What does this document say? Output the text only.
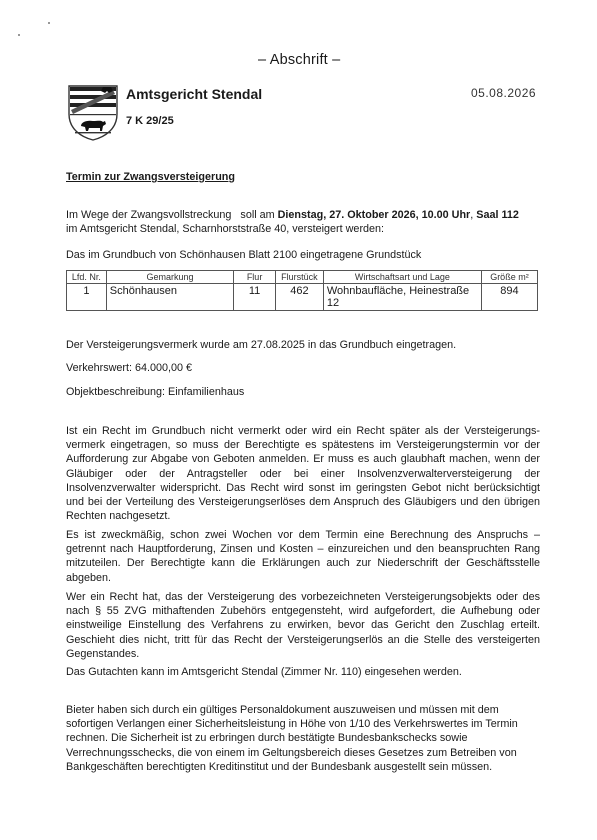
– Abschrift –
Amtsgericht Stendal
7 K 29/25
05.08.2026
Termin zur Zwangsversteigerung
Im Wege der Zwangsvollstreckung   soll am Dienstag, 27. Oktober 2026, 10.00 Uhr, Saal 112
im Amtsgericht Stendal, Scharnhorststraße 40, versteigert werden:
Das im Grundbuch von Schönhausen Blatt 2100 eingetragene Grundstück
Lfd. Nr.	Gemarkung	Flur	Flurstück	Wirtschaftsart und Lage	Größe m²
1	Schönhausen	11	462	Wohnbaufläche, Heinestraße 12	894
Der Versteigerungsvermerk wurde am 27.08.2025 in das Grundbuch eingetragen.
Verkehrswert: 64.000,00 €
Objektbeschreibung: Einfamilienhaus
Ist ein Recht im Grundbuch nicht vermerkt oder wird ein Recht später als der Versteigerungs-vermerk eingetragen, so muss der Berechtigte es spätestens im Versteigerungstermin vor der Aufforderung zur Abgabe von Geboten anmelden. Er muss es auch glaubhaft machen, wenn der Gläubiger oder der Antragsteller oder bei einer Insolvenzverwalterversteigerung der Insolvenzverwalter widerspricht. Das Recht wird sonst im geringsten Gebot nicht berücksichtigt und bei der Verteilung des Versteigerungserlöses dem Anspruch des Gläubigers und den übrigen Rechten nachgesetzt.
Es ist zweckmäßig, schon zwei Wochen vor dem Termin eine Berechnung des Anspruchs – getrennt nach Hauptforderung, Zinsen und Kosten – einzureichen und den beanspruchten Rang mitzuteilen. Der Berechtigte kann die Erklärungen auch zur Niederschrift der Geschäftsstelle abgeben.
Wer ein Recht hat, das der Versteigerung des vorbezeichneten Versteigerungsobjekts oder des nach § 55 ZVG mithaftenden Zubehörs entgegensteht, wird aufgefordert, die Aufhebung oder einstweilige Einstellung des Verfahrens zu erwirken, bevor das Gericht den Zuschlag erteilt. Geschieht dies nicht, tritt für das Recht der Versteigerungserlös an die Stelle des versteigerten Gegenstandes.
Das Gutachten kann im Amtsgericht Stendal (Zimmer Nr. 110) eingesehen werden.
Bieter haben sich durch ein gültiges Personaldokument auszuweisen und müssen mit dem sofortigen Verlangen einer Sicherheitsleistung in Höhe von 1/10 des Verkehrswertes im Termin rechnen. Die Sicherheit ist zu erbringen durch bestätigte Bundesbankschecks sowie Verrechnungsschecks, die von einem im Geltungsbereich dieses Gesetzes zum Betreiben von Bankgeschäften berechtigten Kreditinstitut und der Bundesbank ausgestellt sein müssen.
